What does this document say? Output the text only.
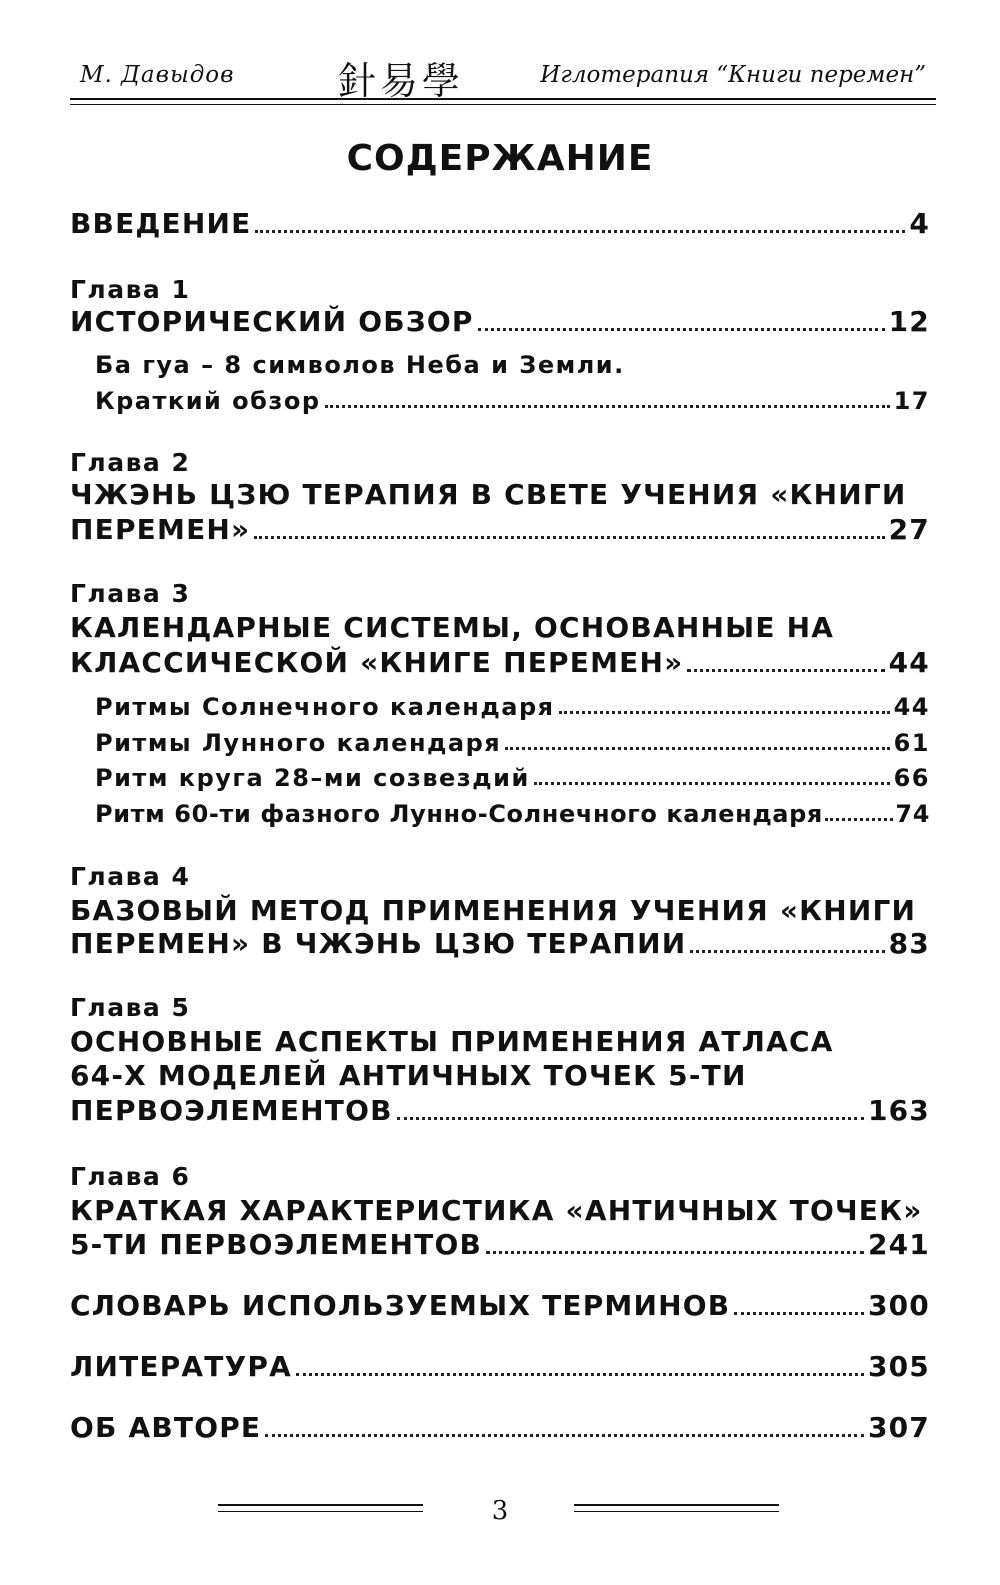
М. Давыдов	針易學	Иглотерапия “Книги перемен”
СОДЕРЖАНИЕ
ВВЕДЕНИЕ	4
Глава 1
ИСТОРИЧЕСКИЙ ОБЗОР	12
Ба гуа – 8 символов Неба и Земли.
Краткий обзор	17
Глава 2
ЧЖЭНЬ ЦЗЮ ТЕРАПИЯ В СВЕТЕ УЧЕНИЯ «КНИГИ
ПЕРЕМЕН»	27
Глава 3
КАЛЕНДАРНЫЕ СИСТЕМЫ, ОСНОВАННЫЕ НА
КЛАССИЧЕСКОЙ «КНИГЕ ПЕРЕМЕН»	44
Ритмы Солнечного календаря	44
Ритмы Лунного календаря	61
Ритм круга 28–ми созвездий	66
Ритм 60-ти фазного Лунно-Солнечного календаря	74
Глава 4
БАЗОВЫЙ МЕТОД ПРИМЕНЕНИЯ УЧЕНИЯ «КНИГИ
ПЕРЕМЕН» В ЧЖЭНЬ ЦЗЮ ТЕРАПИИ	83
Глава 5
ОСНОВНЫЕ АСПЕКТЫ ПРИМЕНЕНИЯ АТЛАСА
64-Х МОДЕЛЕЙ АНТИЧНЫХ ТОЧЕК 5-ТИ
ПЕРВОЭЛЕМЕНТОВ	163
Глава 6
КРАТКАЯ ХАРАКТЕРИСТИКА «АНТИЧНЫХ ТОЧЕК»
5-ТИ ПЕРВОЭЛЕМЕНТОВ	241
СЛОВАРЬ ИСПОЛЬЗУЕМЫХ ТЕРМИНОВ	300
ЛИТЕРАТУРА	305
ОБ АВТОРЕ	307
3
